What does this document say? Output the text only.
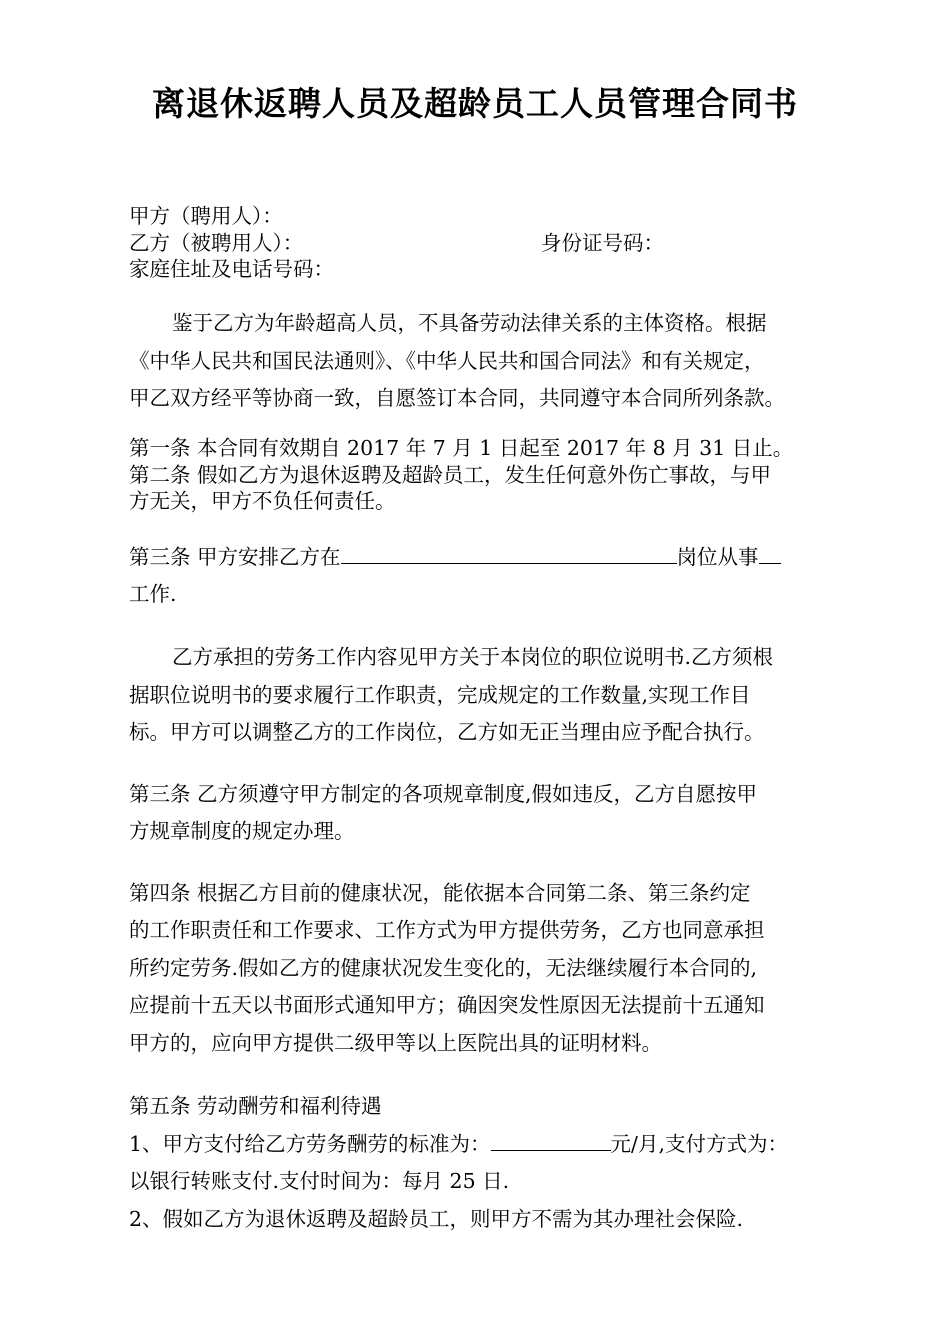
离退休返聘人员及超龄员工人员管理合同书
甲方（聘用人）：
乙方（被聘用人）：	身份证号码：
家庭住址及电话号码：
鉴于乙方为年龄超高人员，不具备劳动法律关系的主体资格。根据
《中华人民共和国民法通则》、《中华人民共和国合同法》和有关规定，
甲乙双方经平等协商一致，自愿签订本合同，共同遵守本合同所列条款。
第一条 本合同有效期自 2017 年 7 月 1 日起至 2017 年 8 月 31 日止。
第二条 假如乙方为退休返聘及超龄员工，发生任何意外伤亡事故，与甲
方无关，甲方不负任何责任。
第三条 甲方安排乙方在	岗位从事
工作.
乙方承担的劳务工作内容见甲方关于本岗位的职位说明书.乙方须根
据职位说明书的要求履行工作职责，完成规定的工作数量,实现工作目
标。甲方可以调整乙方的工作岗位，乙方如无正当理由应予配合执行。
第三条 乙方须遵守甲方制定的各项规章制度,假如违反，乙方自愿按甲
方规章制度的规定办理。
第四条 根据乙方目前的健康状况，能依据本合同第二条、第三条约定
的工作职责任和工作要求、工作方式为甲方提供劳务，乙方也同意承担
所约定劳务.假如乙方的健康状况发生变化的，无法继续履行本合同的,
应提前十五天以书面形式通知甲方；确因突发性原因无法提前十五通知
甲方的，应向甲方提供二级甲等以上医院出具的证明材料。
第五条 劳动酬劳和福利待遇
1、甲方支付给乙方劳务酬劳的标准为：	元/月,支付方式为：
以银行转账支付.支付时间为：每月 25 日.
2、假如乙方为退休返聘及超龄员工，则甲方不需为其办理社会保险.
